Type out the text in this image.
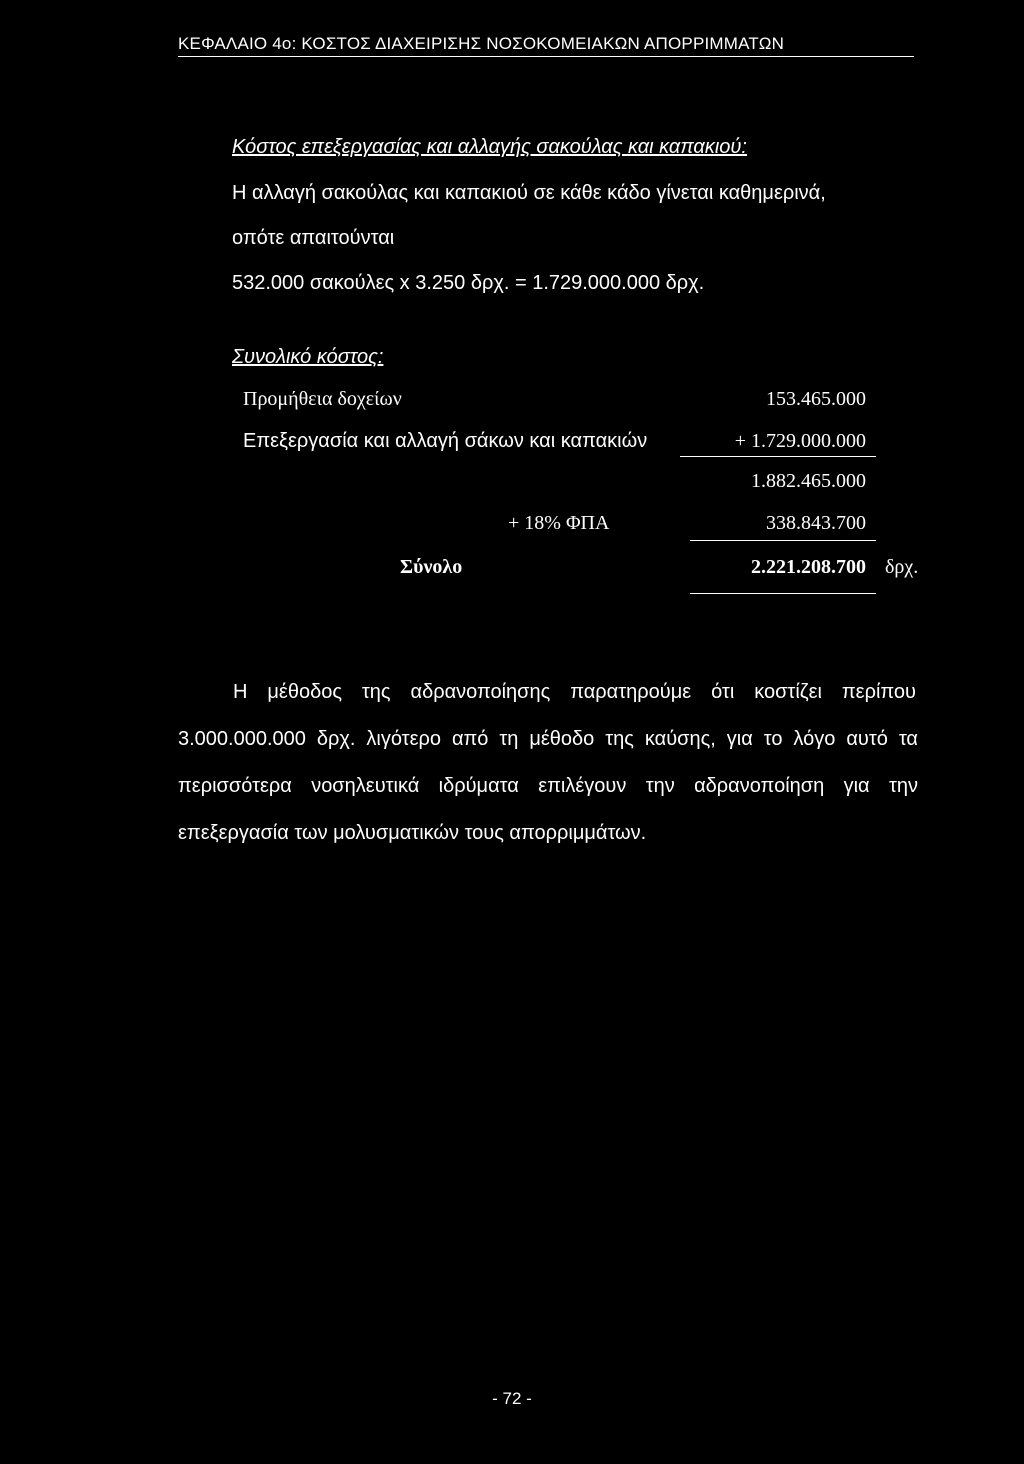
ΚΕΦΑΛΑΙΟ 4ο: ΚΟΣΤΟΣ ΔΙΑΧΕΙΡΙΣΗΣ ΝΟΣΟΚΟΜΕΙΑΚΩΝ ΑΠΟΡΡΙΜΜΑΤΩΝ
Κόστος επεξεργασίας και αλλαγής σακούλας και καπακιού:
Η αλλαγή σακούλας και καπακιού σε κάθε κάδο γίνεται καθημερινά,
οπότε απαιτούνται
532.000 σακούλες x 3.250 δρχ. = 1.729.000.000 δρχ.
Συνολικό κόστος:
Προμήθεια δοχείων	153.465.000
Επεξεργασία και αλλαγή σάκων και καπακιών	+ 1.729.000.000
1.882.465.000
+ 18% ΦΠΑ	338.843.700
Σύνολο	2.221.208.700 δρχ.
Η μέθοδος της αδρανοποίησης παρατηρούμε ότι κοστίζει περίπου
3.000.000.000 δρχ. λιγότερο από τη μέθοδο της καύσης, για το λόγο αυτό τα
περισσότερα νοσηλευτικά ιδρύματα επιλέγουν την αδρανοποίηση για την
επεξεργασία των μολυσματικών τους απορριμμάτων.
- 72 -
